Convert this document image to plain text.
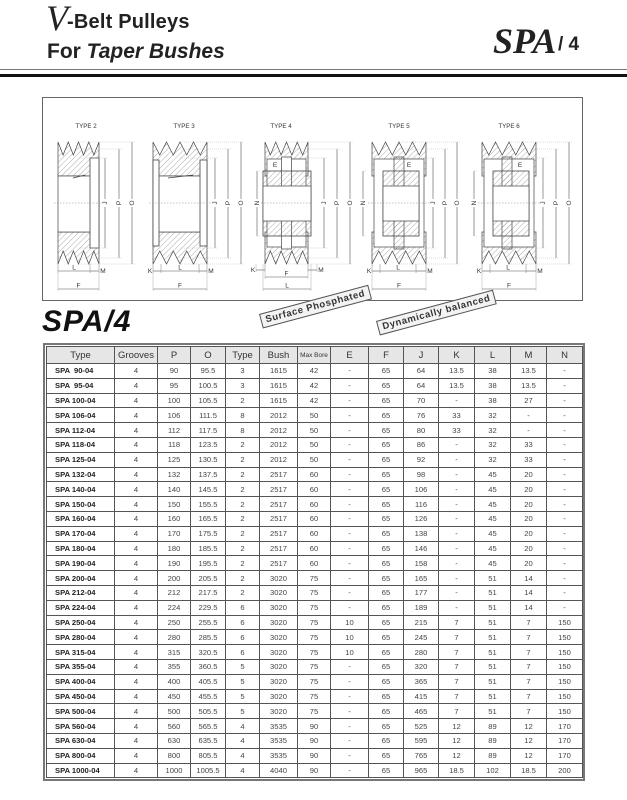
V -Belt Pulleys
For Taper Bushes	SPA / 4
TYPE 2
J P O
L	M
F
TYPE 3
J P O
K	L	M
F
TYPE 4
E
N	J P O
K	M
F
L
TYPE 5
E
N	J P O
K	L	M
F
TYPE 6
E
N	J P O
K	L	M
F
Surface Phosphated	Dynamically balanced
SPA/4
Type	Grooves	P	O	Type	Bush	Max Bore	E	F	J	K	L	M	N
SPA  90-04	4	90	95.5	3	1615	42	-	65	64	13.5	38	13.5	-
SPA  95-04	4	95	100.5	3	1615	42	-	65	64	13.5	38	13.5	-
SPA 100-04	4	100	105.5	2	1615	42	-	65	70	-	38	27	-
SPA 106-04	4	106	111.5	8	2012	50	-	65	76	33	32	-	-
SPA 112-04	4	112	117.5	8	2012	50	-	65	80	33	32	-	-
SPA 118-04	4	118	123.5	2	2012	50	-	65	86	-	32	33	-
SPA 125-04	4	125	130.5	2	2012	50	-	65	92	-	32	33	-
SPA 132-04	4	132	137.5	2	2517	60	-	65	98	-	45	20	-
SPA 140-04	4	140	145.5	2	2517	60	-	65	106	-	45	20	-
SPA 150-04	4	150	155.5	2	2517	60	-	65	116	-	45	20	-
SPA 160-04	4	160	165.5	2	2517	60	-	65	126	-	45	20	-
SPA 170-04	4	170	175.5	2	2517	60	-	65	138	-	45	20	-
SPA 180-04	4	180	185.5	2	2517	60	-	65	146	-	45	20	-
SPA 190-04	4	190	195.5	2	2517	60	-	65	158	-	45	20	-
SPA 200-04	4	200	205.5	2	3020	75	-	65	165	-	51	14	-
SPA 212-04	4	212	217.5	2	3020	75	-	65	177	-	51	14	-
SPA 224-04	4	224	229.5	6	3020	75	-	65	189	-	51	14	-
SPA 250-04	4	250	255.5	6	3020	75	10	65	215	7	51	7	150
SPA 280-04	4	280	285.5	6	3020	75	10	65	245	7	51	7	150
SPA 315-04	4	315	320.5	6	3020	75	10	65	280	7	51	7	150
SPA 355-04	4	355	360.5	5	3020	75	-	65	320	7	51	7	150
SPA 400-04	4	400	405.5	5	3020	75	-	65	365	7	51	7	150
SPA 450-04	4	450	455.5	5	3020	75	-	65	415	7	51	7	150
SPA 500-04	4	500	505.5	5	3020	75	-	65	465	7	51	7	150
SPA 560-04	4	560	565.5	4	3535	90	-	65	525	12	89	12	170
SPA 630-04	4	630	635.5	4	3535	90	-	65	595	12	89	12	170
SPA 800-04	4	800	805.5	4	3535	90	-	65	765	12	89	12	170
SPA 1000-04	4	1000	1005.5	4	4040	90	-	65	965	18.5	102	18.5	200
